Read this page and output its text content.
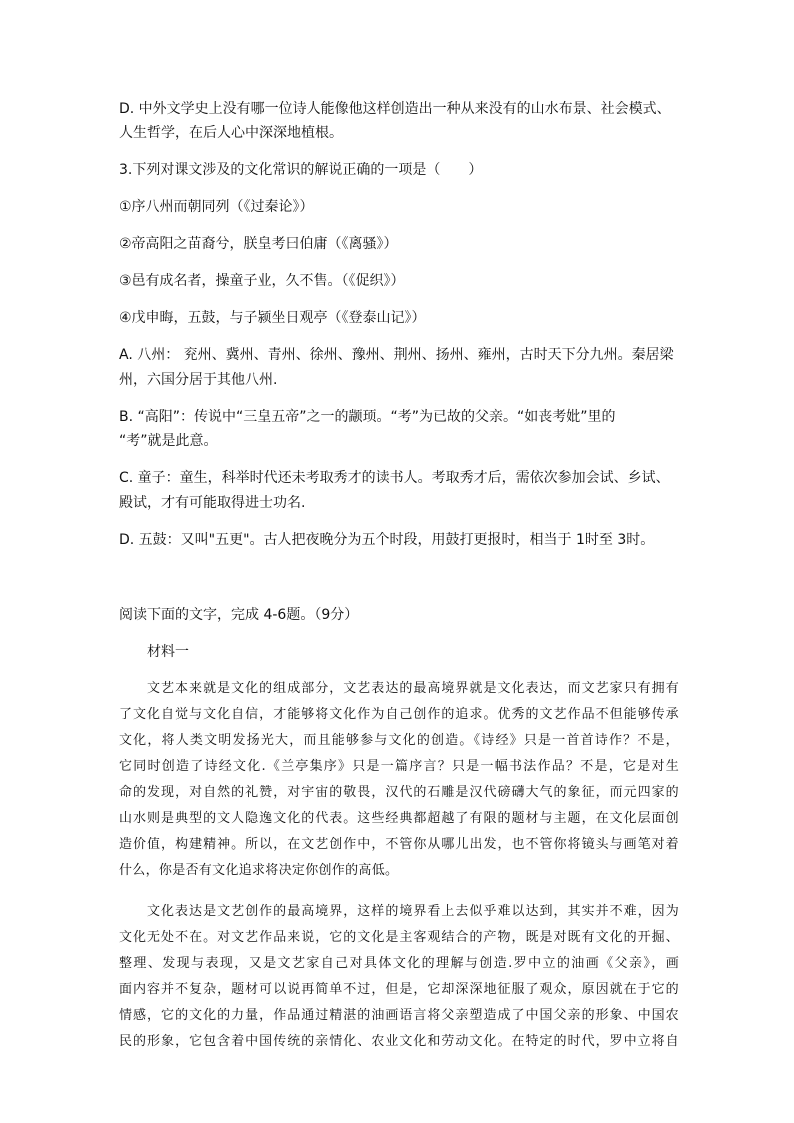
D. 中外文学史上没有哪一位诗人能像他这样创造出一种从来没有的山水布景、社会模式、
人生哲学，在后人心中深深地植根。
3.下列对课文涉及的文化常识的解说正确的一项是（　　）
①序八州而朝同列（《过秦论》）
②帝高阳之苗裔兮，朕皇考曰伯庸（《离骚》）
③邑有成名者，操童子业，久不售。（《促织》）
④戊申晦，五鼓，与子颍坐日观亭（《登泰山记》）
A. 八州： 兖州、冀州、青州、徐州、豫州、荆州、扬州、雍州，古时天下分九州。秦居梁
州，六国分居于其他八州.
B. “高阳”：传说中“三皇五帝”之一的颛顼。“考”为已故的父亲。“如丧考妣”里的
“考”就是此意。
C. 童子：童生，科举时代还未考取秀才的读书人。考取秀才后，需依次参加会试、乡试、
殿试，才有可能取得进士功名.
D. 五鼓：又叫"五更"。古人把夜晚分为五个时段，用鼓打更报时，相当于 1时至 3时。
阅读下面的文字，完成 4-6题。（9分）
材料一
文艺本来就是文化的组成部分，文艺表达的最高境界就是文化表达，而文艺家只有拥有
了文化自觉与文化自信，才能够将文化作为自己创作的追求。优秀的文艺作品不但能够传承
文化，将人类文明发扬光大，而且能够参与文化的创造。《诗经》只是一首首诗作？不是，
它同时创造了诗经文化.《兰亭集序》只是一篇序言？只是一幅书法作品？不是，它是对生
命的发现，对自然的礼赞，对宇宙的敬畏，汉代的石雕是汉代磅礴大气的象征，而元四家的
山水则是典型的文人隐逸文化的代表。这些经典都超越了有限的题材与主题，在文化层面创
造价值，构建精神。所以，在文艺创作中，不管你从哪儿出发，也不管你将镜头与画笔对着
什么，你是否有文化追求将决定你创作的高低。
文化表达是文艺创作的最高境界，这样的境界看上去似乎难以达到，其实并不难，因为
文化无处不在。对文艺作品来说，它的文化是主客观结合的产物，既是对既有文化的开掘、
整理、发现与表现，又是文艺家自己对具体文化的理解与创造.罗中立的油画《父亲》，画
面内容并不复杂，题材可以说再简单不过，但是，它却深深地征服了观众，原因就在于它的
情感，它的文化的力量，作品通过精湛的油画语言将父亲塑造成了中国父亲的形象、中国农
民的形象，它包含着中国传统的亲情化、农业文化和劳动文化。在特定的时代，罗中立将自
